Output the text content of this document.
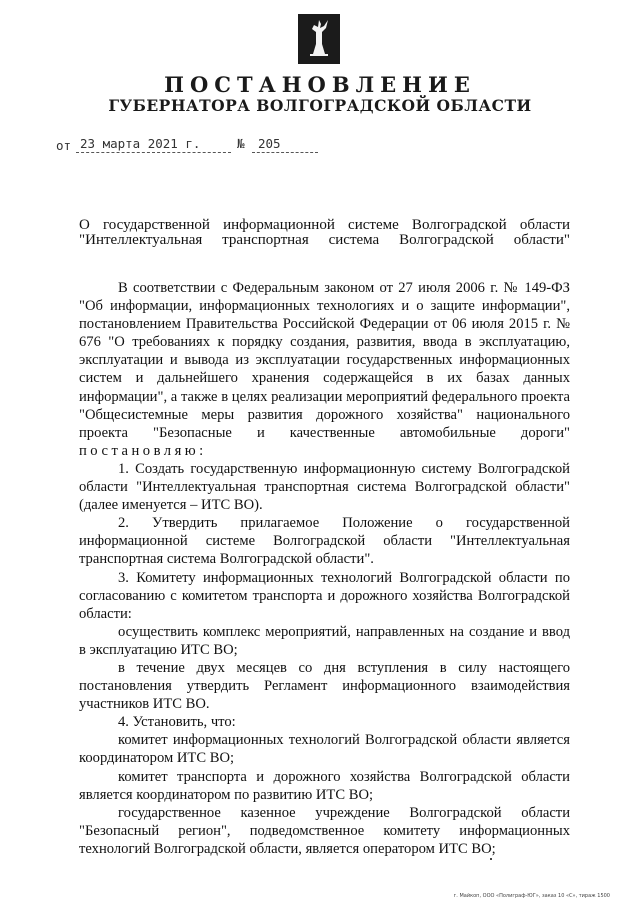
ПОСТАНОВЛЕНИЕ
ГУБЕРНАТОРА ВОЛГОГРАДСКОЙ ОБЛАСТИ
от 23 марта 2021 г.	№ 205
О государственной информационной системе Волгоградской области
"Интеллектуальная транспортная система Волгоградской области"

В соответствии с Федеральным законом от 27 июля 2006 г. № 149-ФЗ "Об информации, информационных технологиях и о защите информации", постановлением Правительства Российской Федерации от 06 июля 2015 г. № 676 "О требованиях к порядку создания, развития, ввода в эксплуатацию, эксплуатации и вывода из эксплуатации государственных информационных систем и дальнейшего хранения содержащейся в их базах данных информации", а также в целях реализации мероприятий федерального проекта "Общесистемные меры развития дорожного хозяйства" национального проекта "Безопасные и качественные автомобильные дороги" постановляю:

1. Создать государственную информационную систему Волгоградской области "Интеллектуальная транспортная система Волгоградской области" (далее именуется – ИТС ВО).

2. Утвердить прилагаемое Положение о государственной информационной системе Волгоградской области "Интеллектуальная транспортная система Волгоградской области".

3. Комитету информационных технологий Волгоградской области по согласованию с комитетом транспорта и дорожного хозяйства Волгоградской области:

осуществить комплекс мероприятий, направленных на создание и ввод в эксплуатацию ИТС ВО;

в течение двух месяцев со дня вступления в силу настоящего постановления утвердить Регламент информационного взаимодействия участников ИТС ВО.

4. Установить, что:

комитет информационных технологий Волгоградской области является координатором ИТС ВО;

комитет транспорта и дорожного хозяйства Волгоградской области является координатором по развитию ИТС ВО;

государственное казенное учреждение Волгоградской области "Безопасный регион", подведомственное комитету информационных технологий Волгоградской области, является оператором ИТС ВО;

г. Майкоп, ООО «Полиграф-ЮГ», заказ 10 «С», тираж 1500
